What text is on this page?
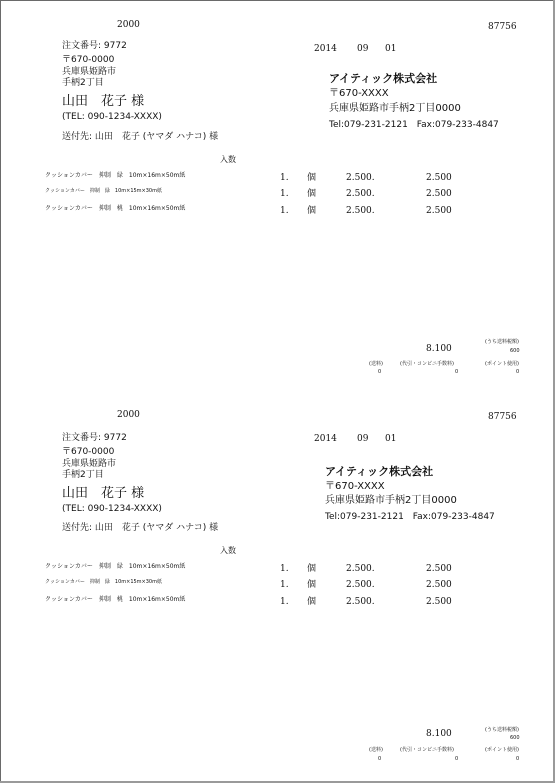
2000	87756
注文番号: 9772
〒670-0000
兵庫県姫路市
手柄2丁目
山田　花子 様
(TEL: 090-1234-XXXX)
送付先: 山田　花子 (ヤマダ ハナコ) 様
2014 09 01
アイティック株式会社
〒670-XXXX
兵庫県姫路市手柄2丁目0000
Tel:079-231-2121　Fax:079-233-4847
入数
クッションカバー　抑制　緑　10m×16m×50m紙	1. 個	2.500.	2.500
クッションカバー　抑制　緑　10m×15m×30m紙	1. 個	2.500.	2.500
クッションカバー　抑制　桃　10m×16m×50m紙	1. 個	2.500.	2.500
(うち送料税額)
8.100	600
(送料)	(代引・コンビニ手数料)	(ポイント使用)
0	0	0
2000	87756
注文番号: 9772
〒670-0000
兵庫県姫路市
手柄2丁目
山田　花子 様
(TEL: 090-1234-XXXX)
送付先: 山田　花子 (ヤマダ ハナコ) 様
2014 09 01
アイティック株式会社
〒670-XXXX
兵庫県姫路市手柄2丁目0000
Tel:079-231-2121　Fax:079-233-4847
入数
クッションカバー　抑制　緑　10m×16m×50m紙	1. 個	2.500.	2.500
クッションカバー　抑制　緑　10m×15m×30m紙	1. 個	2.500.	2.500
クッションカバー　抑制　桃　10m×16m×50m紙	1. 個	2.500.	2.500
(うち送料税額)
8.100	600
(送料)	(代引・コンビニ手数料)	(ポイント使用)
0	0	0
